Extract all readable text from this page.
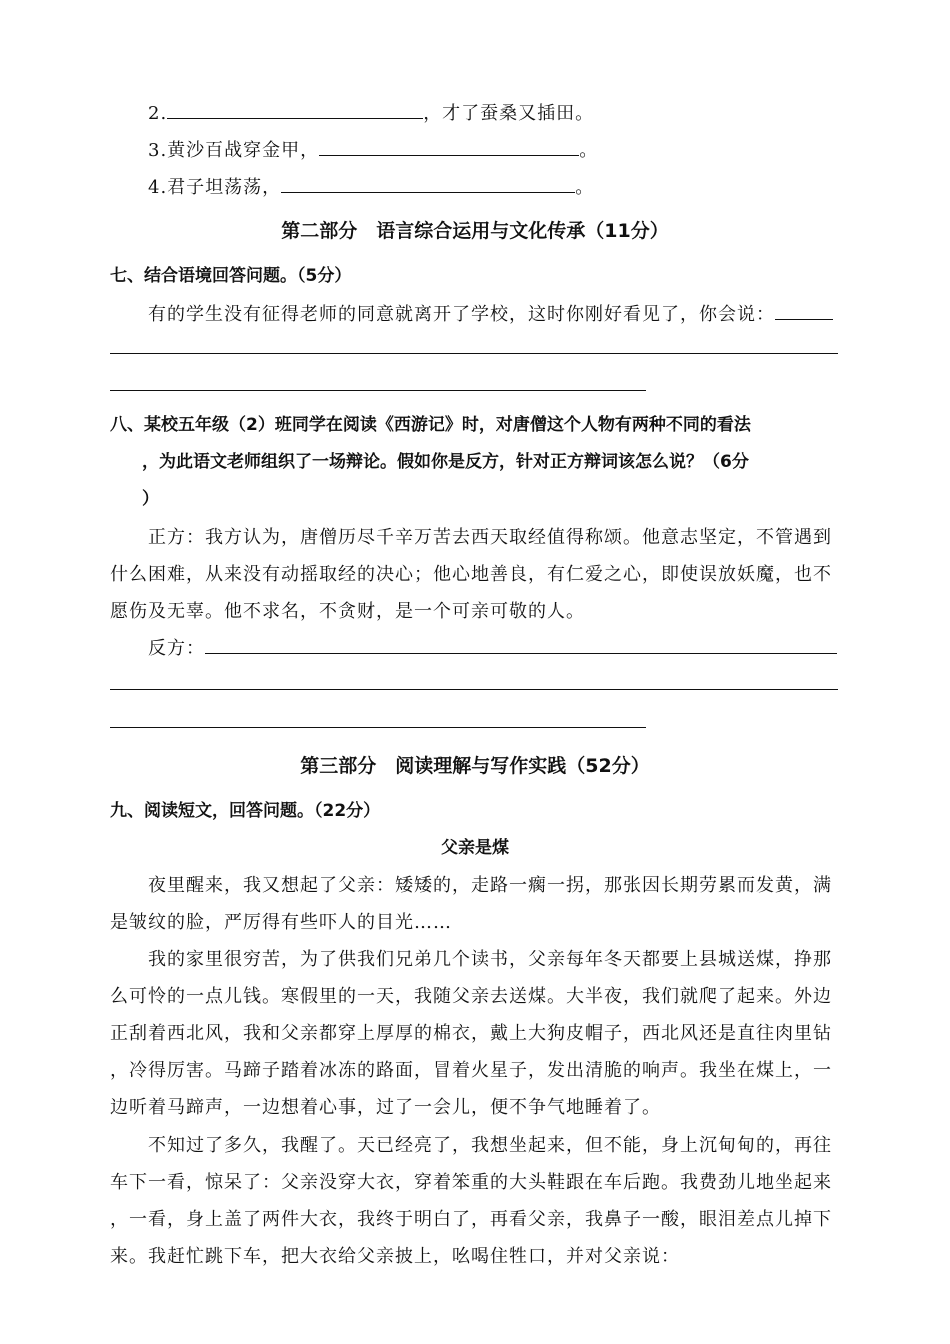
2.	，才了蚕桑又插田。
3.黄沙百战穿金甲，	。
4.君子坦荡荡，	。
第二部分　语言综合运用与文化传承（11分）
七、结合语境回答问题。（5分）
有的学生没有征得老师的同意就离开了学校，这时你刚好看见了，你会说：
八、某校五年级（2）班同学在阅读《西游记》时，对唐僧这个人物有两种不同的看法
，为此语文老师组织了一场辩论。假如你是反方，针对正方辩词该怎么说？（6分
）
正方：我方认为，唐僧历尽千辛万苦去西天取经值得称颂。他意志坚定，不管遇到
什么困难，从来没有动摇取经的决心；他心地善良，有仁爱之心，即使误放妖魔，也不
愿伤及无辜。他不求名，不贪财，是一个可亲可敬的人。
反方：
第三部分　阅读理解与写作实践（52分）
九、阅读短文，回答问题。（22分）
父亲是煤
夜里醒来，我又想起了父亲：矮矮的，走路一瘸一拐，那张因长期劳累而发黄，满
是皱纹的脸，严厉得有些吓人的目光……
我的家里很穷苦，为了供我们兄弟几个读书，父亲每年冬天都要上县城送煤，挣那
么可怜的一点儿钱。寒假里的一天，我随父亲去送煤。大半夜，我们就爬了起来。外边
正刮着西北风，我和父亲都穿上厚厚的棉衣，戴上大狗皮帽子，西北风还是直往肉里钻
，冷得厉害。马蹄子踏着冰冻的路面，冒着火星子，发出清脆的响声。我坐在煤上，一
边听着马蹄声，一边想着心事，过了一会儿，便不争气地睡着了。
不知过了多久，我醒了。天已经亮了，我想坐起来，但不能，身上沉甸甸的，再往
车下一看，惊呆了：父亲没穿大衣，穿着笨重的大头鞋跟在车后跑。我费劲儿地坐起来
，一看，身上盖了两件大衣，我终于明白了，再看父亲，我鼻子一酸，眼泪差点儿掉下
来。我赶忙跳下车，把大衣给父亲披上，吆喝住牲口，并对父亲说：
